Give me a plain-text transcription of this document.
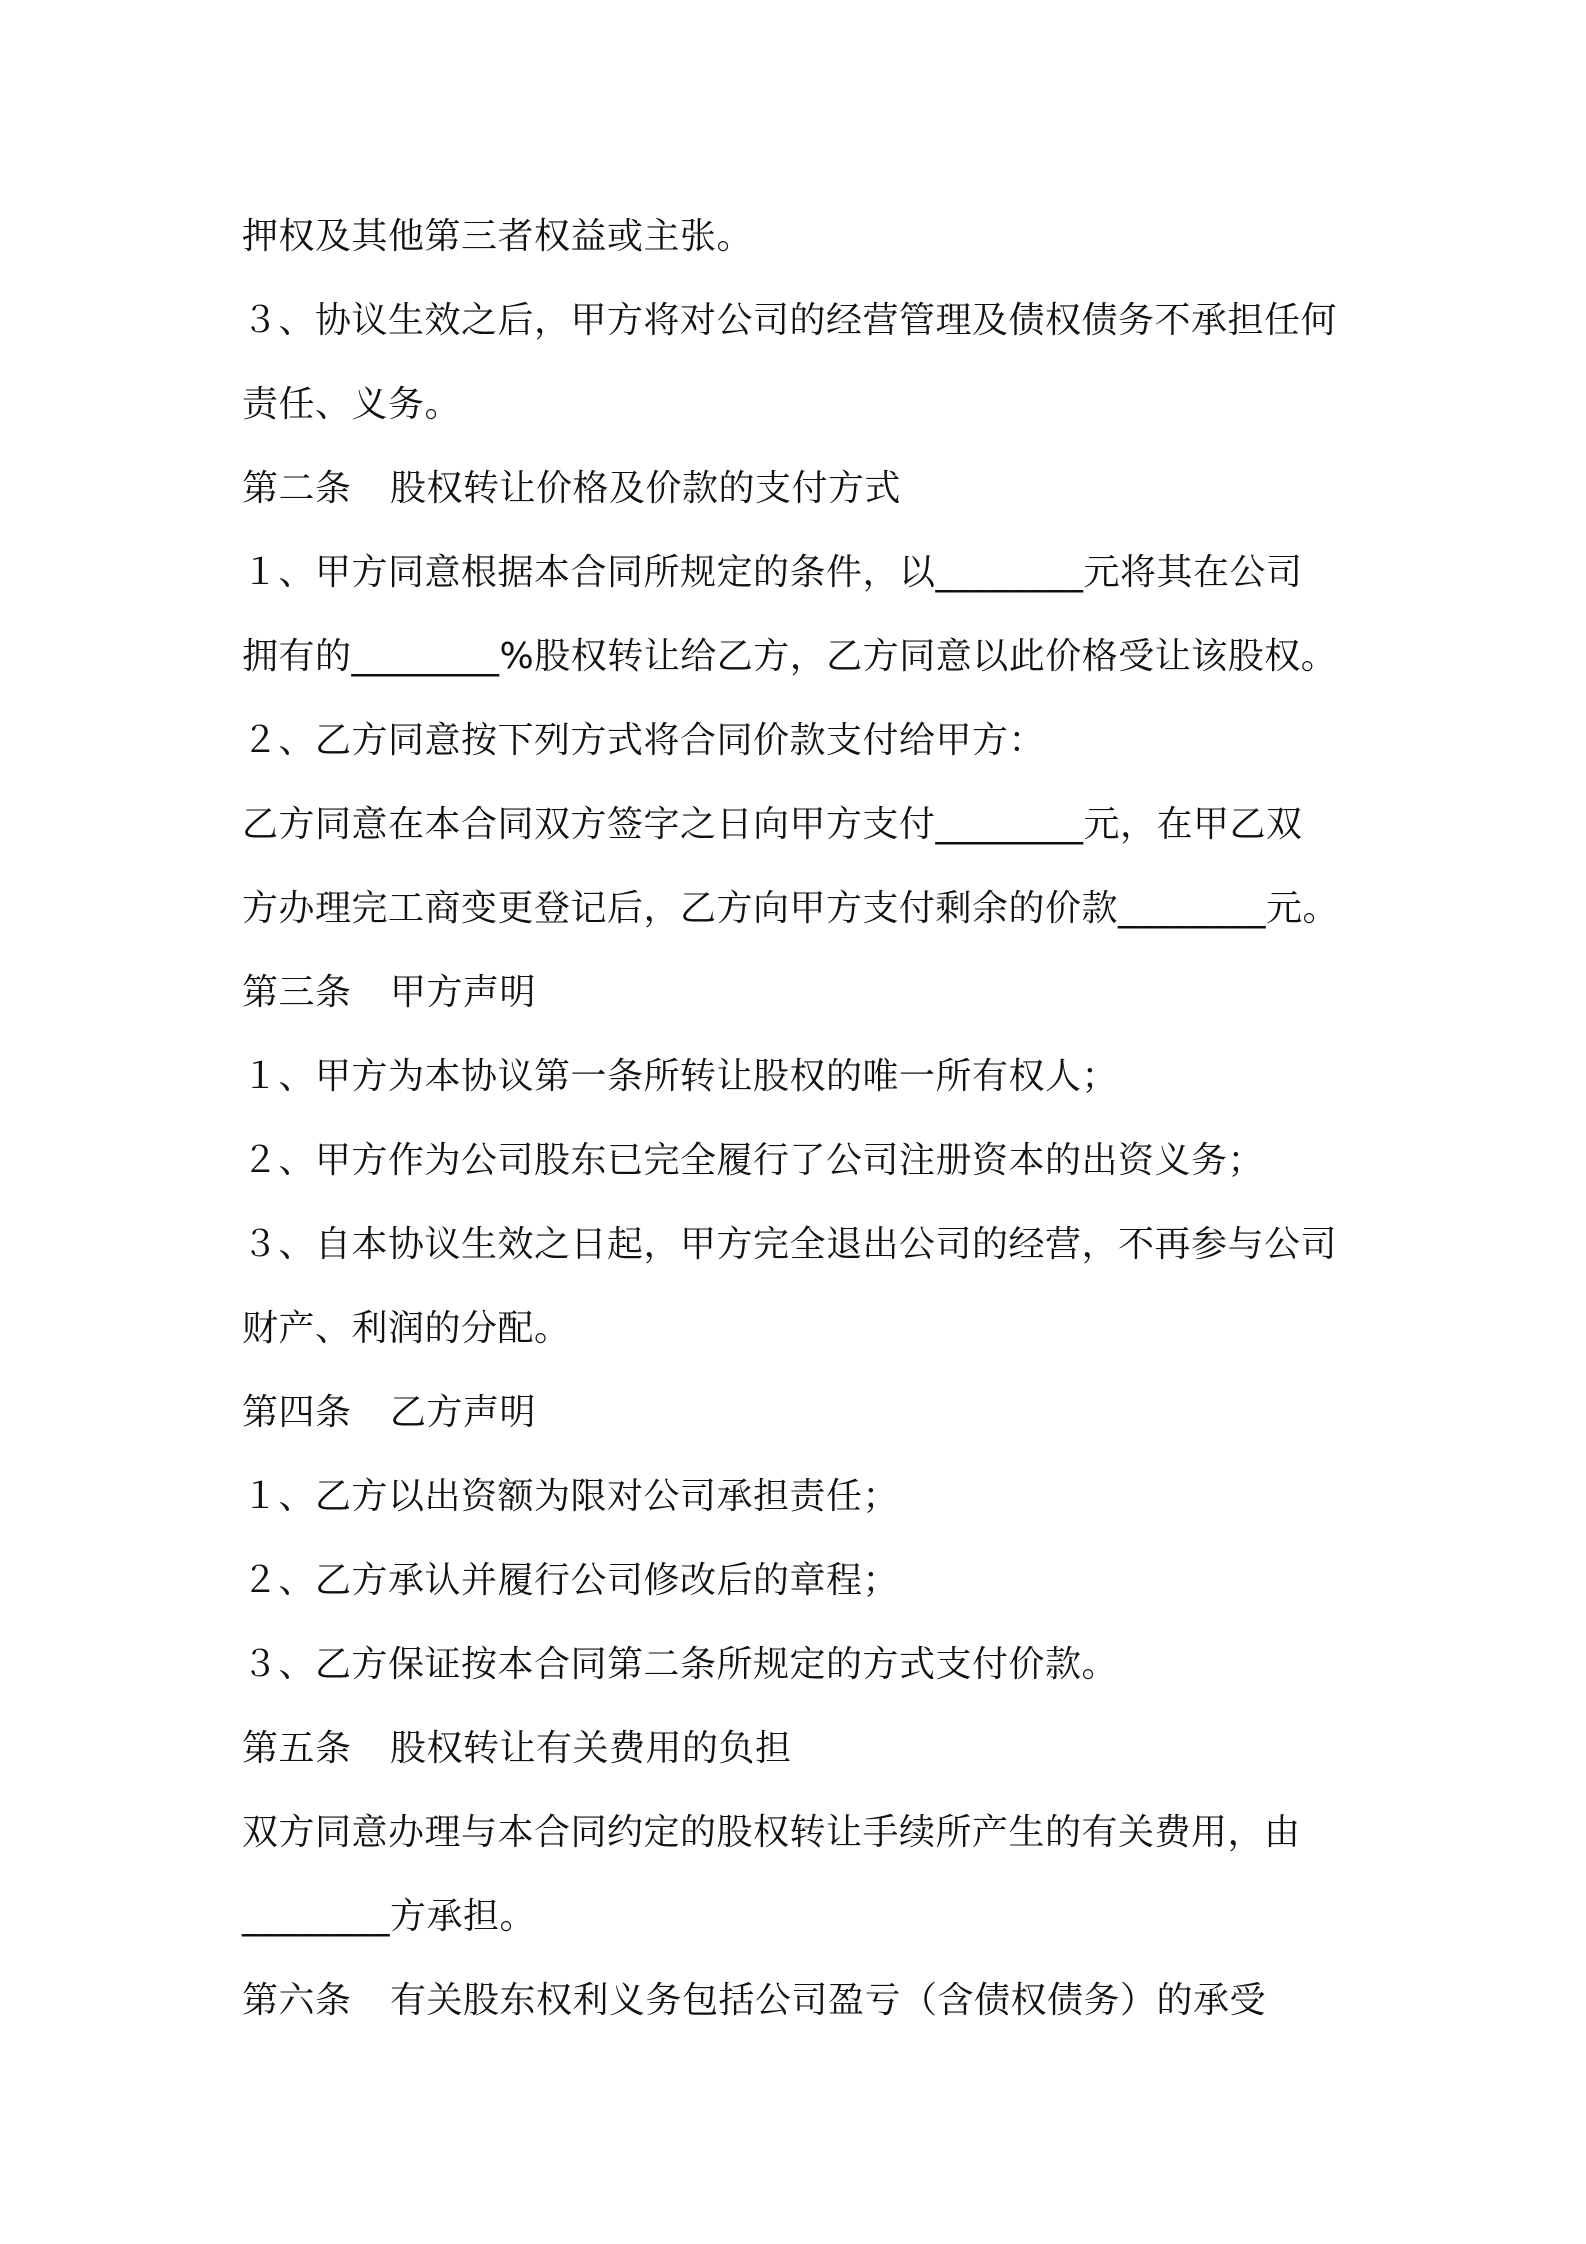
押权及其他第三者权益或主张。
３、协议生效之后，甲方将对公司的经营管理及债权债务不承担任何
责任、义务。
第二条 股权转让价格及价款的支付方式
１、甲方同意根据本合同所规定的条件，以________元将其在公司
拥有的________%股权转让给乙方，乙方同意以此价格受让该股权。
２、乙方同意按下列方式将合同价款支付给甲方：
乙方同意在本合同双方签字之日向甲方支付________元，在甲乙双
方办理完工商变更登记后，乙方向甲方支付剩余的价款________元。
第三条 甲方声明
１、甲方为本协议第一条所转让股权的唯一所有权人；
２、甲方作为公司股东已完全履行了公司注册资本的出资义务；
３、自本协议生效之日起，甲方完全退出公司的经营，不再参与公司
财产、利润的分配。
第四条 乙方声明
１、乙方以出资额为限对公司承担责任；
２、乙方承认并履行公司修改后的章程；
３、乙方保证按本合同第二条所规定的方式支付价款。
第五条 股权转让有关费用的负担
双方同意办理与本合同约定的股权转让手续所产生的有关费用，由
________方承担。
第六条 有关股东权利义务包括公司盈亏（含债权债务）的承受
